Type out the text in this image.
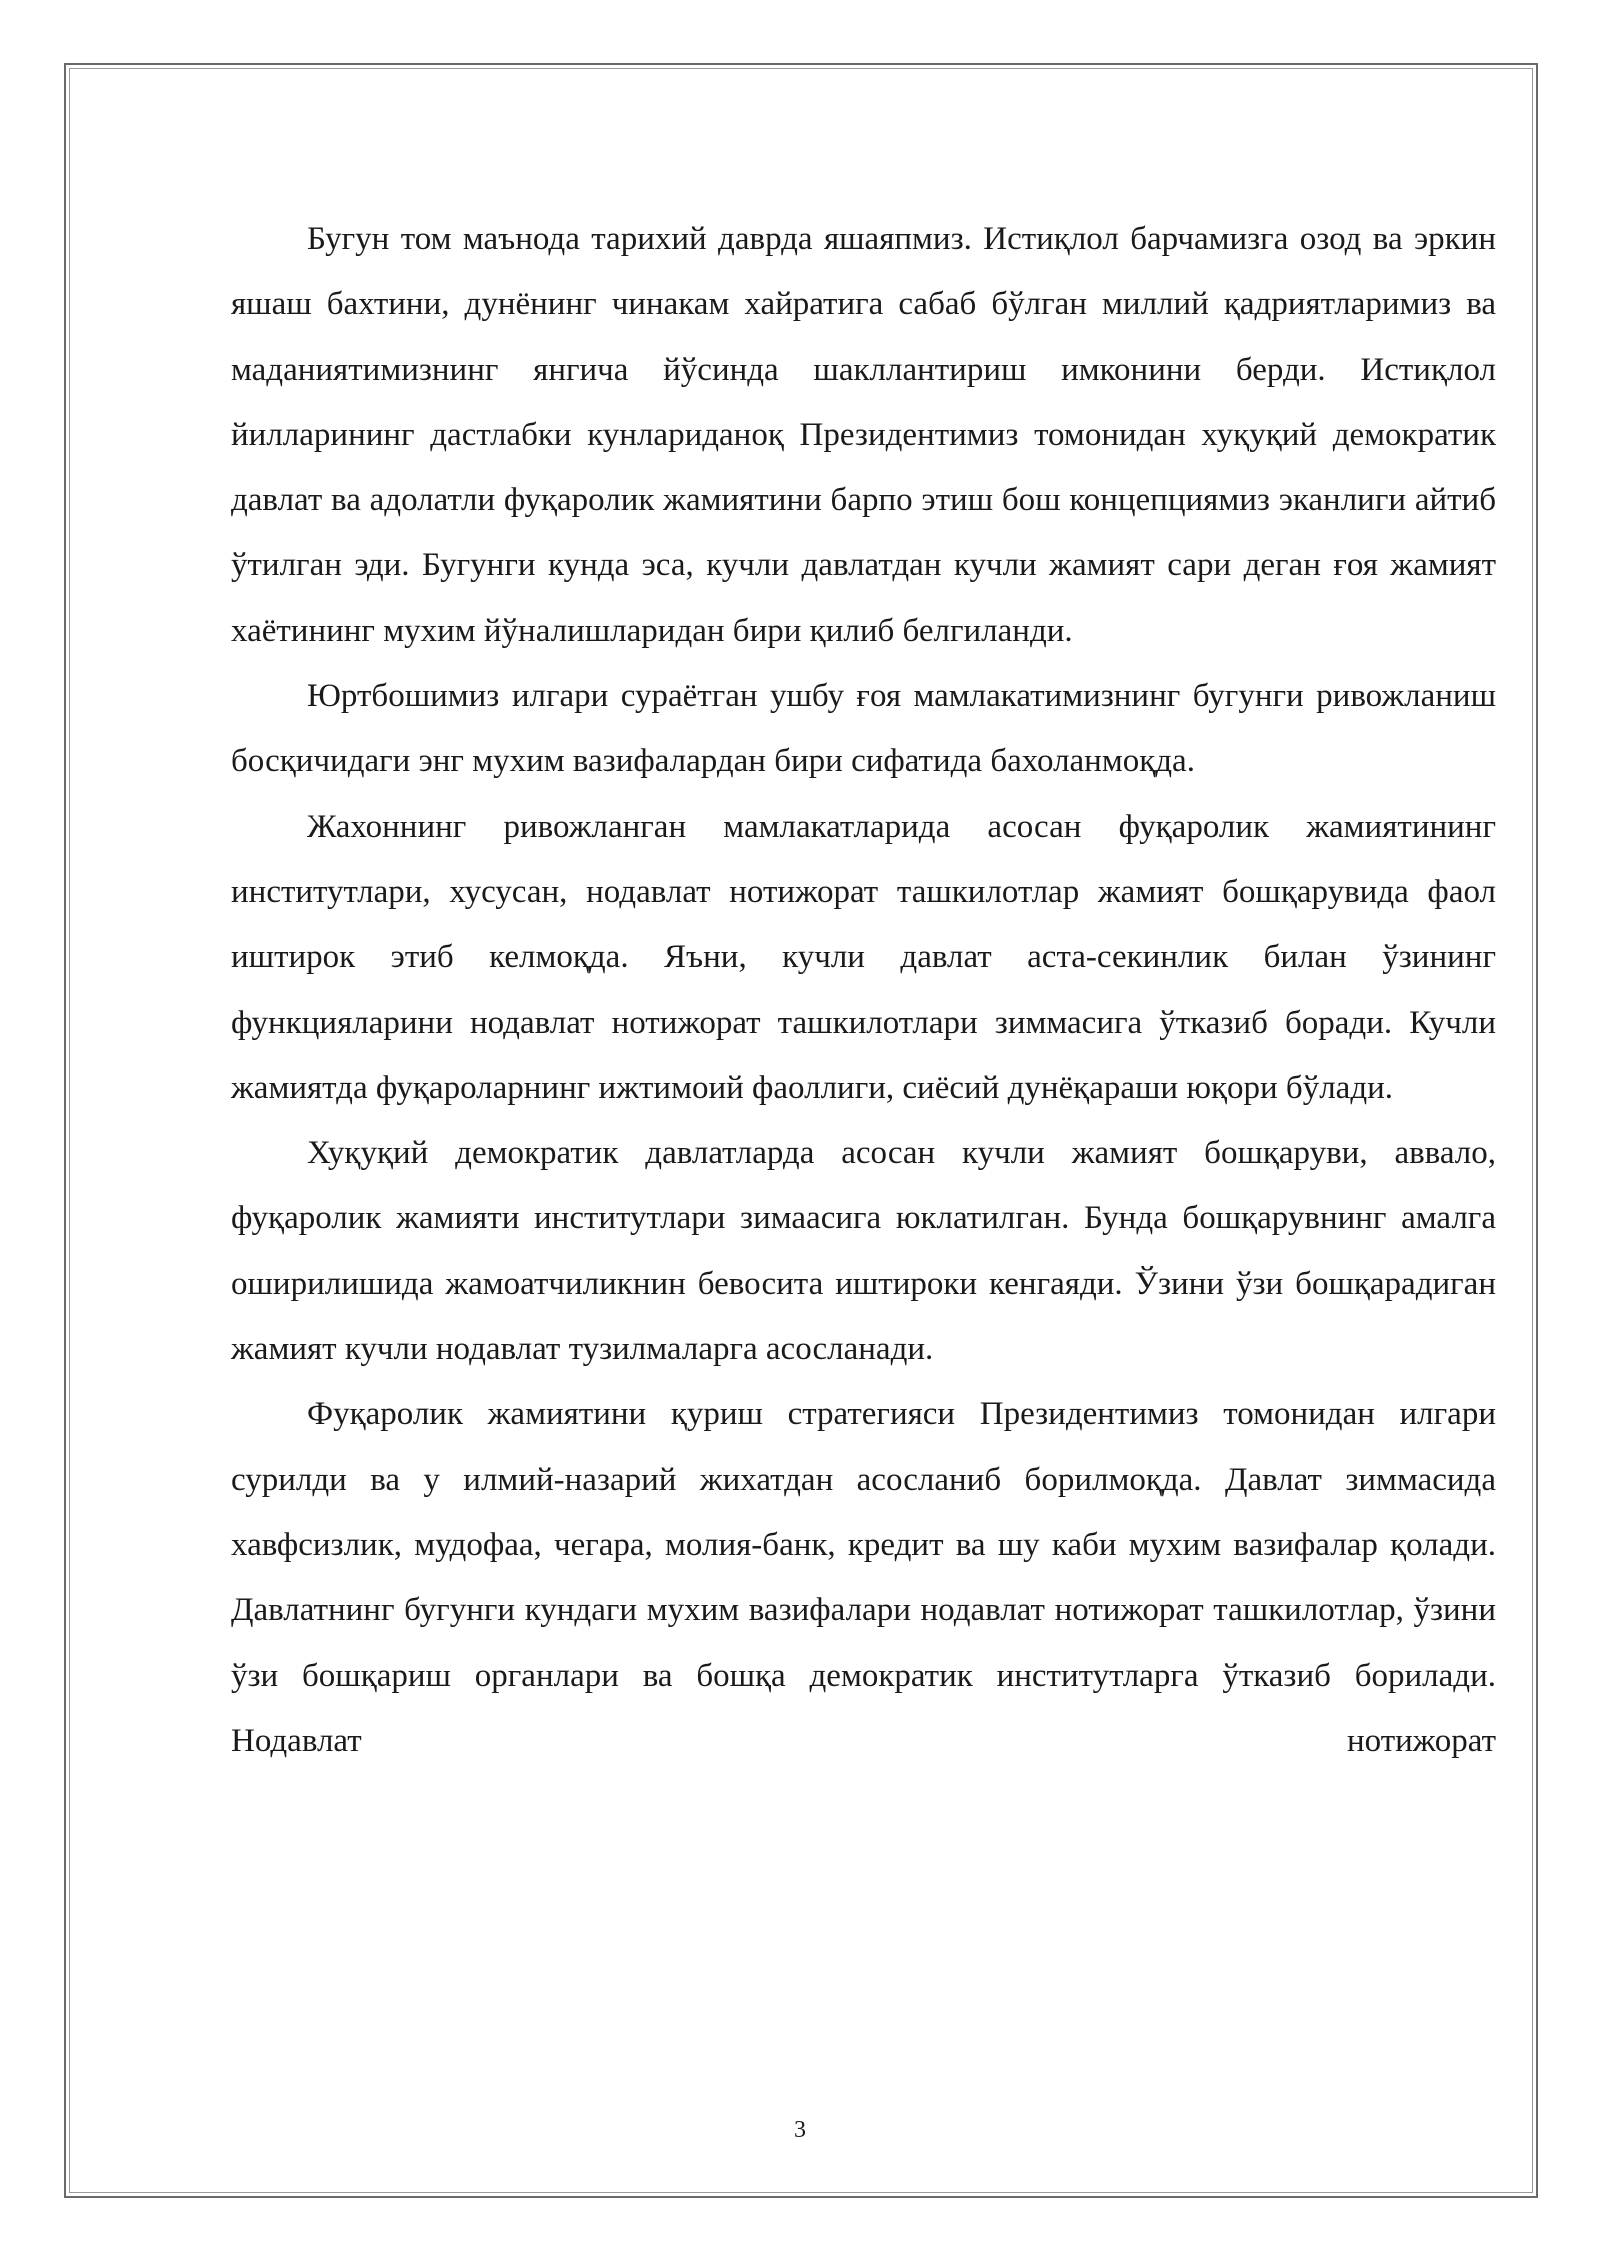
Бугун том маънода тарихий даврда яшаяпмиз. Истиқлол барчамизга озод ва эркин яшаш бахтини, дунёнинг чинакам хайратига сабаб бўлган миллий қадриятларимиз ва маданиятимизнинг янгича йўсинда шакллантириш имконини берди. Истиқлол йилларининг дастлабки кунлариданоқ Президентимиз томонидан хуқуқий демократик давлат ва адолатли фуқаролик жамиятини барпо этиш бош концепциямиз эканлиги айтиб ўтилган эди. Бугунги кунда эса, кучли давлатдан кучли жамият сари деган ғоя жамият хаётининг мухим йўналишларидан бири қилиб белгиланди.

Юртбошимиз илгари сураётган ушбу ғоя мамлакатимизнинг бугунги ривожланиш босқичидаги энг мухим вазифалардан бири сифатида бахоланмоқда.

Жахоннинг ривожланган мамлакатларида асосан фуқаролик жамиятининг институтлари, хусусан, нодавлат нотижорат ташкилотлар жамият бошқарувида фаол иштирок этиб келмоқда. Яъни, кучли давлат аста-секинлик билан ўзининг функцияларини нодавлат нотижорат ташкилотлари зиммасига ўтказиб боради. Кучли жамиятда фуқароларнинг ижтимоий фаоллиги, сиёсий дунёқараши юқори бўлади.

Хуқуқий демократик давлатларда асосан кучли жамият бошқаруви, аввало, фуқаролик жамияти институтлари зимаасига юклатилган. Бунда бошқарувнинг амалга оширилишида жамоатчиликнин бевосита иштироки кенгаяди. Ўзини ўзи бошқарадиган жамият кучли нодавлат тузилмаларга асосланади.

Фуқаролик жамиятини қуриш стратегияси Президентимиз томонидан илгари сурилди ва у илмий-назарий жихатдан асосланиб борилмоқда. Давлат зиммасида хавфсизлик, мудофаа, чегара, молия-банк, кредит ва шу каби мухим вазифалар қолади. Давлатнинг бугунги кундаги мухим вазифалари нодавлат нотижорат ташкилотлар, ўзини ўзи бошқариш органлари ва бошқа демократик институтларга ўтказиб борилади. Нодавлат нотижорат

3
